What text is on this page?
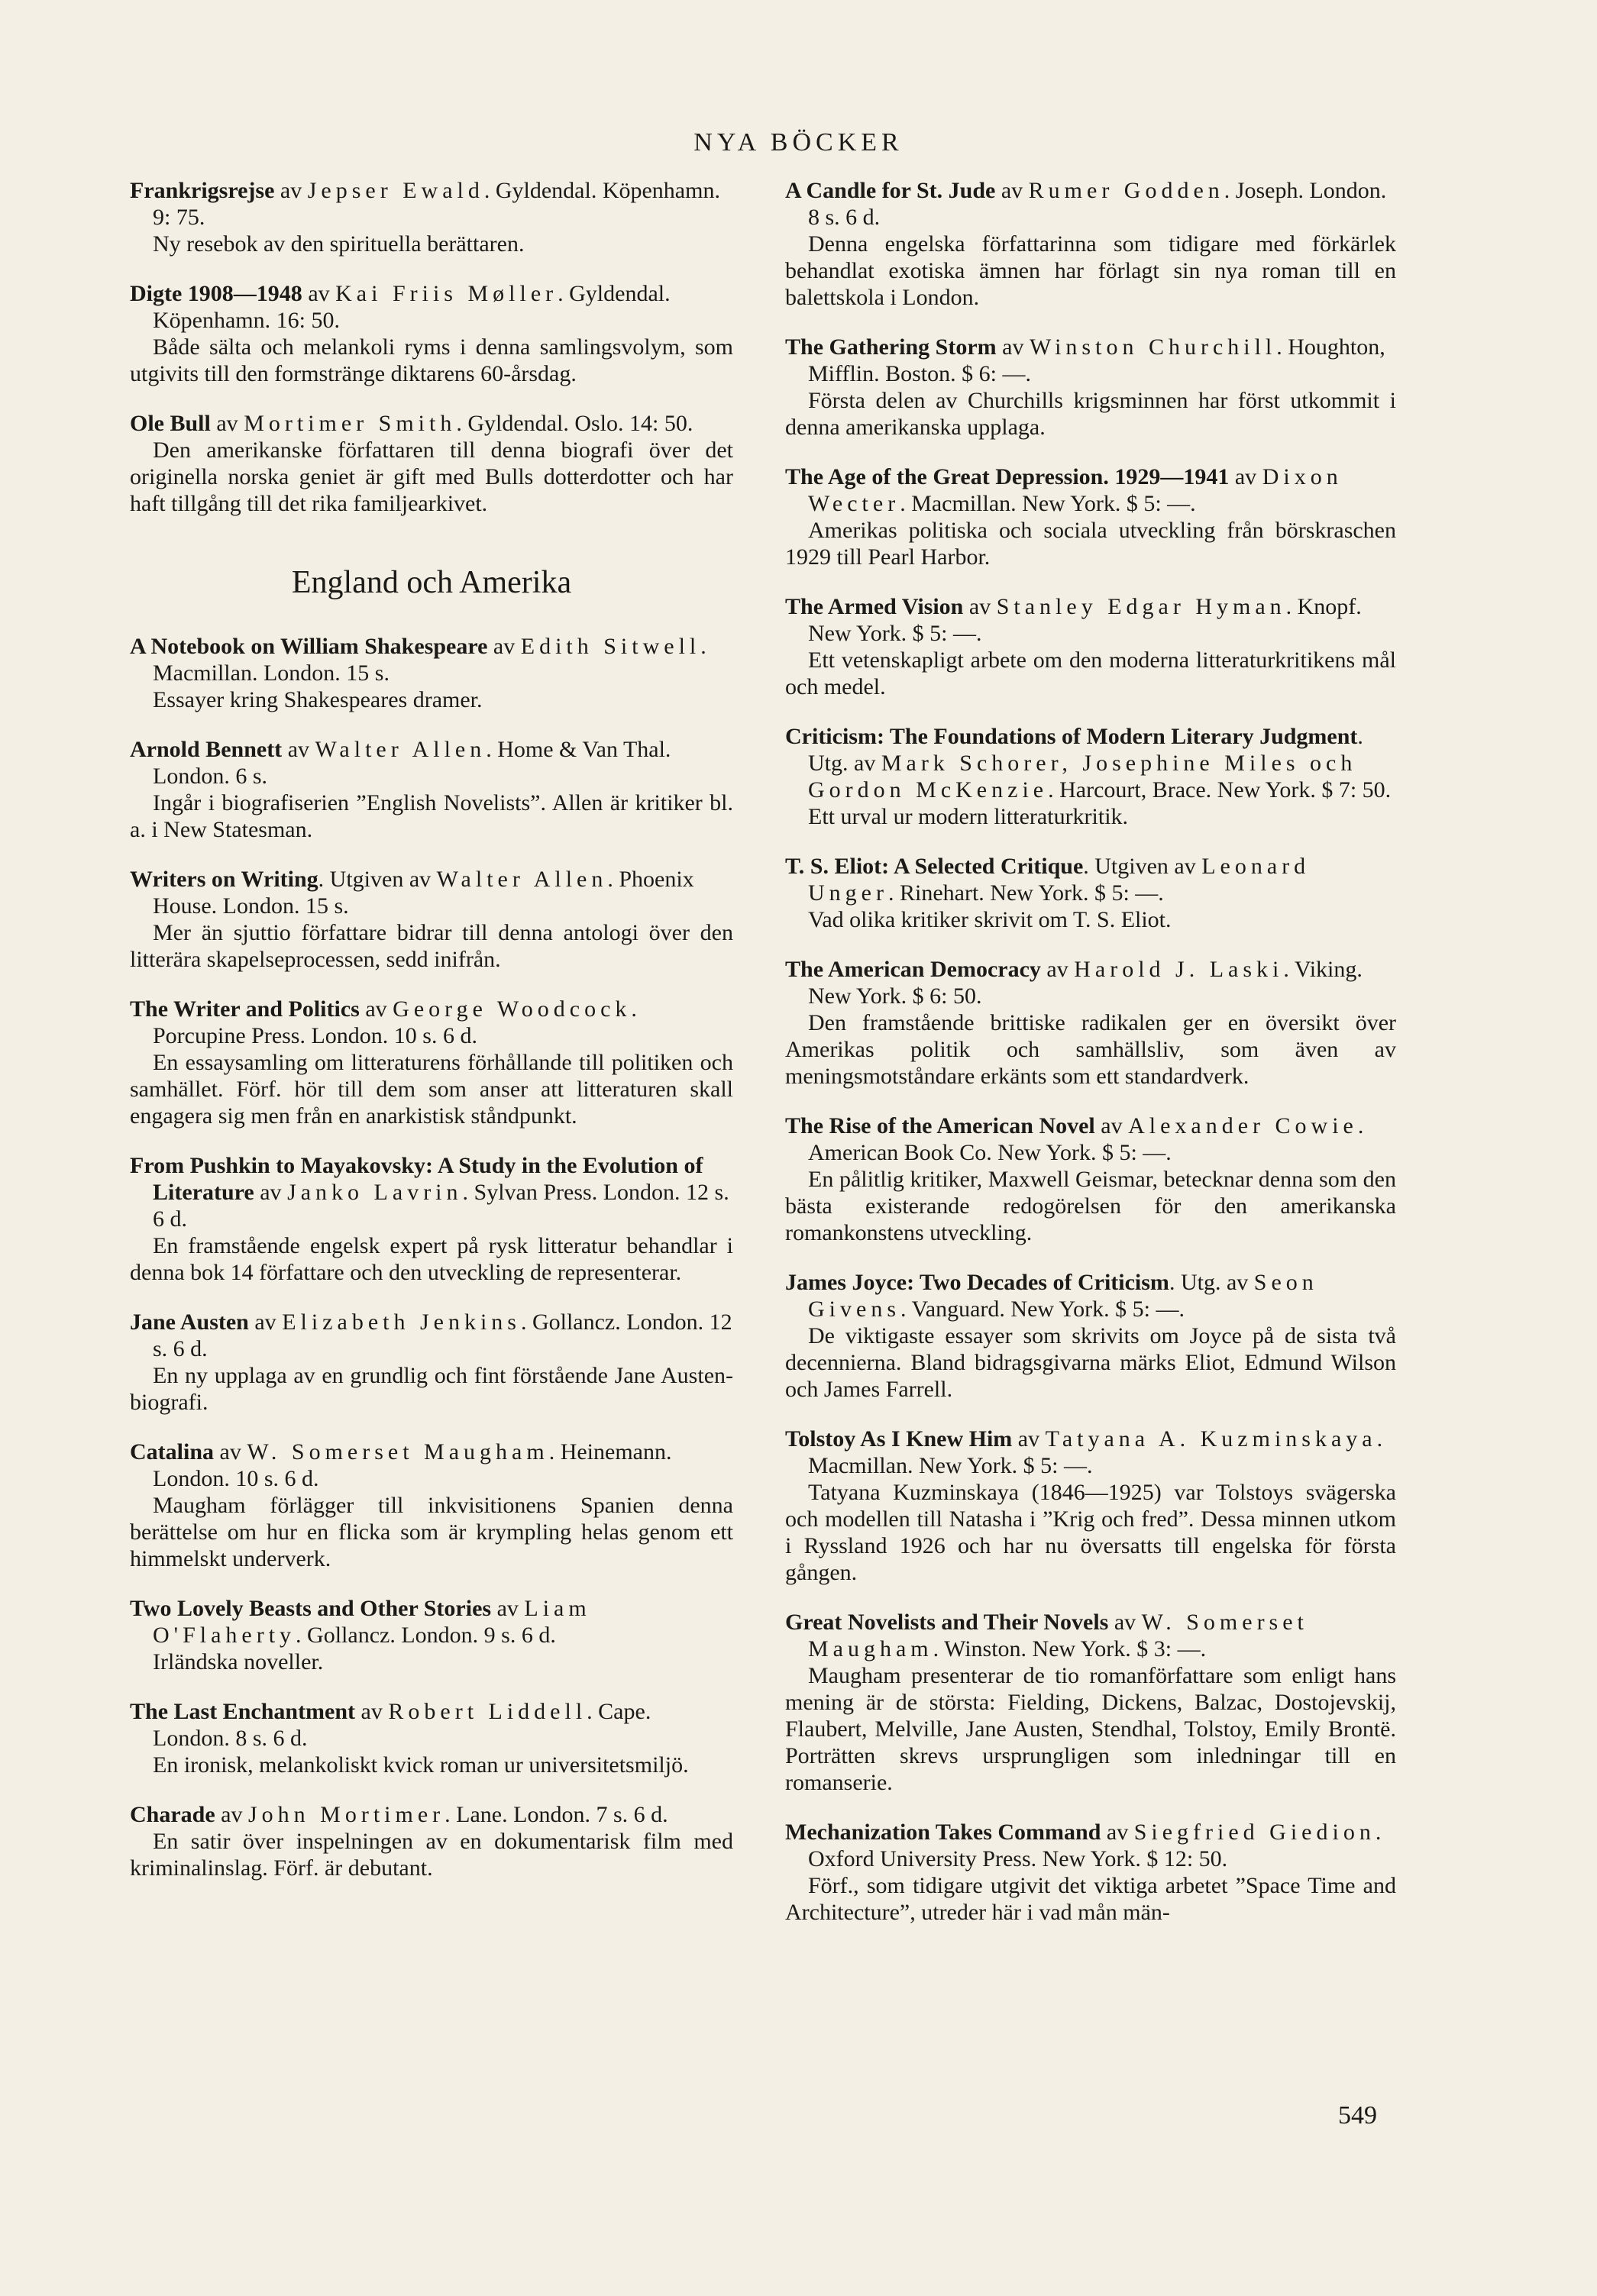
NYA BÖCKER
Frankrigsrejse av Jepser Ewald. Gyldendal. Köpenhamn. 9: 75.
Ny resebok av den spirituella berättaren.
Digte 1908—1948 av Kai Friis Møller. Gyldendal. Köpenhamn. 16: 50.
Både sälta och melankoli ryms i denna samlingsvolym, som utgivits till den formstränge diktarens 60-årsdag.
Ole Bull av Mortimer Smith. Gyldendal. Oslo. 14: 50.
Den amerikanske författaren till denna biografi över det originella norska geniet är gift med Bulls dotterdotter och har haft tillgång till det rika familjearkivet.
England och Amerika
A Notebook on William Shakespeare av Edith Sitwell. Macmillan. London. 15 s.
Essayer kring Shakespeares dramer.
Arnold Bennett av Walter Allen. Home & Van Thal. London. 6 s.
Ingår i biografiserien ”English Novelists”. Allen är kritiker bl. a. i New Statesman.
Writers on Writing. Utgiven av Walter Allen. Phoenix House. London. 15 s.
Mer än sjuttio författare bidrar till denna antologi över den litterära skapelseprocessen, sedd inifrån.
The Writer and Politics av George Woodcock. Porcupine Press. London. 10 s. 6 d.
En essaysamling om litteraturens förhållande till politiken och samhället. Förf. hör till dem som anser att litteraturen skall engagera sig men från en anarkistisk ståndpunkt.
From Pushkin to Mayakovsky: A Study in the Evolution of Literature av Janko Lavrin. Sylvan Press. London. 12 s. 6 d.
En framstående engelsk expert på rysk litteratur behandlar i denna bok 14 författare och den utveckling de representerar.
Jane Austen av Elizabeth Jenkins. Gollancz. London. 12 s. 6 d.
En ny upplaga av en grundlig och fint förstående Jane Austen-biografi.
Catalina av W. Somerset Maugham. Heinemann. London. 10 s. 6 d.
Maugham förlägger till inkvisitionens Spanien denna berättelse om hur en flicka som är krympling helas genom ett himmelskt underverk.
Two Lovely Beasts and Other Stories av Liam O'Flaherty. Gollancz. London. 9 s. 6 d.
Irländska noveller.
The Last Enchantment av Robert Liddell. Cape. London. 8 s. 6 d.
En ironisk, melankoliskt kvick roman ur universitetsmiljö.
Charade av John Mortimer. Lane. London. 7 s. 6 d.
En satir över inspelningen av en dokumentarisk film med kriminalinslag. Förf. är debutant.
A Candle for St. Jude av Rumer Godden. Joseph. London. 8 s. 6 d.
Denna engelska författarinna som tidigare med förkärlek behandlat exotiska ämnen har förlagt sin nya roman till en balettskola i London.
The Gathering Storm av Winston Churchill. Houghton, Mifflin. Boston. $ 6: —.
Första delen av Churchills krigsminnen har först utkommit i denna amerikanska upplaga.
The Age of the Great Depression. 1929—1941 av Dixon Wecter. Macmillan. New York. $ 5: —.
Amerikas politiska och sociala utveckling från börskraschen 1929 till Pearl Harbor.
The Armed Vision av Stanley Edgar Hyman. Knopf. New York. $ 5: —.
Ett vetenskapligt arbete om den moderna litteraturkritikens mål och medel.
Criticism: The Foundations of Modern Literary Judgment. Utg. av Mark Schorer, Josephine Miles och Gordon McKenzie. Harcourt, Brace. New York. $ 7: 50.
Ett urval ur modern litteraturkritik.
T. S. Eliot: A Selected Critique. Utgiven av Leonard Unger. Rinehart. New York. $ 5: —.
Vad olika kritiker skrivit om T. S. Eliot.
The American Democracy av Harold J. Laski. Viking. New York. $ 6: 50.
Den framstående brittiske radikalen ger en översikt över Amerikas politik och samhällsliv, som även av meningsmotståndare erkänts som ett standardverk.
The Rise of the American Novel av Alexander Cowie. American Book Co. New York. $ 5: —.
En pålitlig kritiker, Maxwell Geismar, betecknar denna som den bästa existerande redogörelsen för den amerikanska romankonstens utveckling.
James Joyce: Two Decades of Criticism. Utg. av Seon Givens. Vanguard. New York. $ 5: —.
De viktigaste essayer som skrivits om Joyce på de sista två decennierna. Bland bidragsgivarna märks Eliot, Edmund Wilson och James Farrell.
Tolstoy As I Knew Him av Tatyana A. Kuzminskaya. Macmillan. New York. $ 5: —.
Tatyana Kuzminskaya (1846—1925) var Tolstoys svägerska och modellen till Natasha i ”Krig och fred”. Dessa minnen utkom i Ryssland 1926 och har nu översatts till engelska för första gången.
Great Novelists and Their Novels av W. Somerset Maugham. Winston. New York. $ 3: —.
Maugham presenterar de tio romanförfattare som enligt hans mening är de största: Fielding, Dickens, Balzac, Dostojevskij, Flaubert, Melville, Jane Austen, Stendhal, Tolstoy, Emily Brontë. Porträtten skrevs ursprungligen som inledningar till en romanserie.
Mechanization Takes Command av Siegfried Giedion. Oxford University Press. New York. $ 12: 50.
Förf., som tidigare utgivit det viktiga arbetet ”Space Time and Architecture”, utreder här i vad mån män-
549
